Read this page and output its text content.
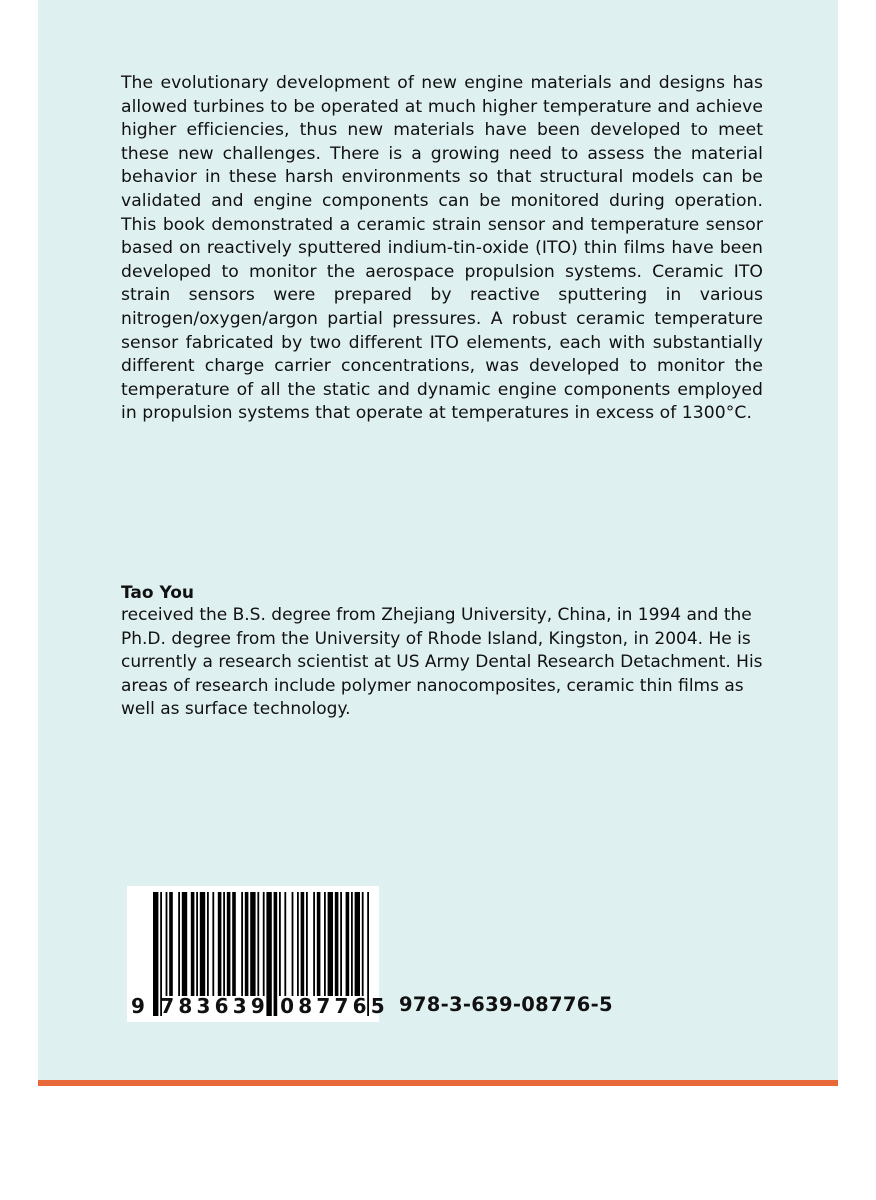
The evolutionary development of new engine materials and designs has allowed turbines to be operated at much higher temperature and achieve higher efficiencies, thus new materials have been developed to meet these new challenges. There is a growing need to assess the material behavior in these harsh environments so that structural models can be validated and engine components can be monitored during operation. This book demonstrated a ceramic strain sensor and temperature sensor based on reactively sputtered indium-tin-oxide (ITO) thin films have been developed to monitor the aerospace propulsion systems. Ceramic ITO strain sensors were prepared by reactive sputtering in various nitrogen/oxygen/argon partial pressures. A robust ceramic temperature sensor fabricated by two different ITO elements, each with substantially different charge carrier concentrations, was developed to monitor the temperature of all the static and dynamic engine components employed in propulsion systems that operate at temperatures in excess of 1300°C.

Tao You

received the B.S. degree from Zhejiang University, China, in 1994 and the Ph.D. degree from the University of Rhode Island, Kingston, in 2004. He is currently a research scientist at US Army Dental Research Detachment. His areas of research include polymer nanocomposites, ceramic thin films as well as surface technology.

9 783639 087765 978-3-639-08776-5
